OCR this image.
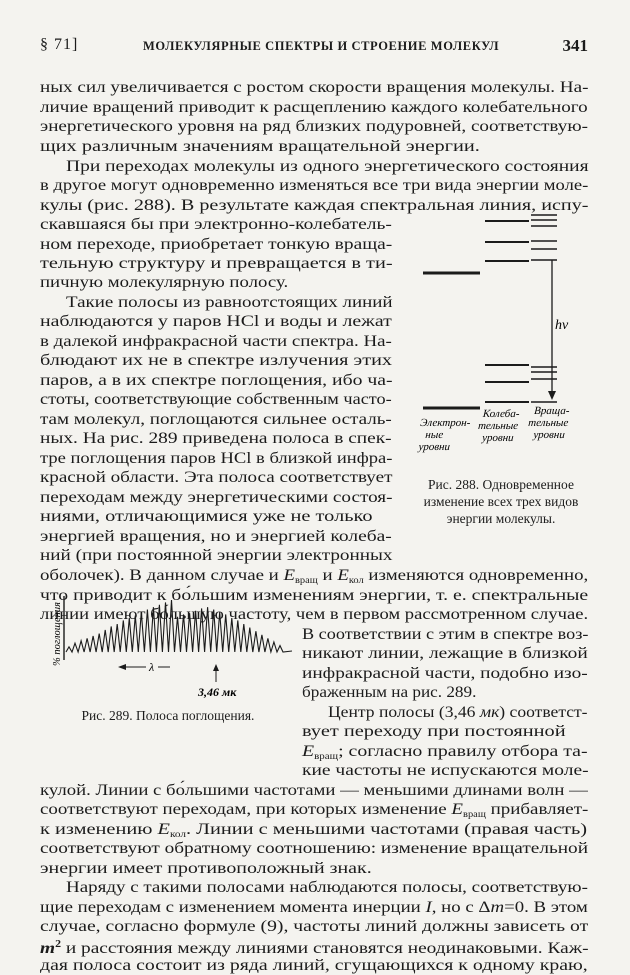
§ 71]	МОЛЕКУЛЯРНЫЕ СПЕКТРЫ И СТРОЕНИЕ МОЛЕКУЛ	341
ных сил увеличивается с ростом скорости вращения молекулы. На-
личие вращений приводит к расщеплению каждого колебательного
энергетического уровня на ряд близких подуровней, соответствую-
щих различным значениям вращательной энергии.
При переходах молекулы из одного энергетического состояния
в другое могут одновременно изменяться все три вида энергии моле-
кулы (рис. 288). В результате каждая спектральная линия, испу-
скавшаяся бы при электронно-колебатель-
ном переходе, приобретает тонкую враща-
тельную структуру и превращается в ти-
пичную молекулярную полосу.
Такие полосы из равноотстоящих линий
наблюдаются у паров HCl и воды и лежат
в далекой инфракрасной части спектра. На-
блюдают их не в спектре излучения этих
паров, а в их спектре поглощения, ибо ча-
стоты, соответствующие собственным часто-
там молекул, поглощаются сильнее осталь-
ных. На рис. 289 приведена полоса в спек-
тре поглощения паров HCl в близкой инфра-
красной области. Эта полоса соответствует
переходам между энергетическими состоя-
ниями, отличающимися уже не только
энергией вращения, но и энергией колеба-
ний (при постоянной энергии электронных
оболочек). В данном случае и $E_{вращ}$ и $E_{кол}$ изменяются одновременно,
что приводит к бо́льшим изменениям энергии, т. е. спектральные
линии имеют бо́льшую частоту, чем в первом рассмотренном случае.
В соответствии с этим в спектре воз-
никают линии, лежащие в близкой
инфракрасной части, подобно изо-
браженным на рис. 289.
Центр полосы (3,46 мк) соответст-
вует переходу при постоянной
$E_{вращ}$; согласно правилу отбора та-
кие частоты не испускаются моле-
кулой. Линии с бо́льшими частотами — меньшими длинами волн —
соответствуют переходам, при которых изменение $E_{вращ}$ прибавляет-
к изменению $E_{кол}$. Линии с меньшими частотами (правая часть)
соответствуют обратному соотношению: изменение вращательной
энергии имеет противоположный знак.
Наряду с такими полосами наблюдаются полосы, соответствую-
щие переходам с изменением момента инерции I, но с Δm=0. В этом
случае, согласно формуле (9), частоты линий должны зависеть от
$m^2$ и расстояния между линиями становятся неодинаковыми. Каж-
дая полоса состоит из ряда линий, сгущающихся к одному краю,
hν
Электрон-
ные
уровни
Колеба-
тельные
уровни
Враща-
тельные
уровни
Рис. 288. Одновременное
изменение всех трех видов
энергии молекулы.
% поглощения
λ
3,46 мк
Рис. 289. Полоса поглощения.
